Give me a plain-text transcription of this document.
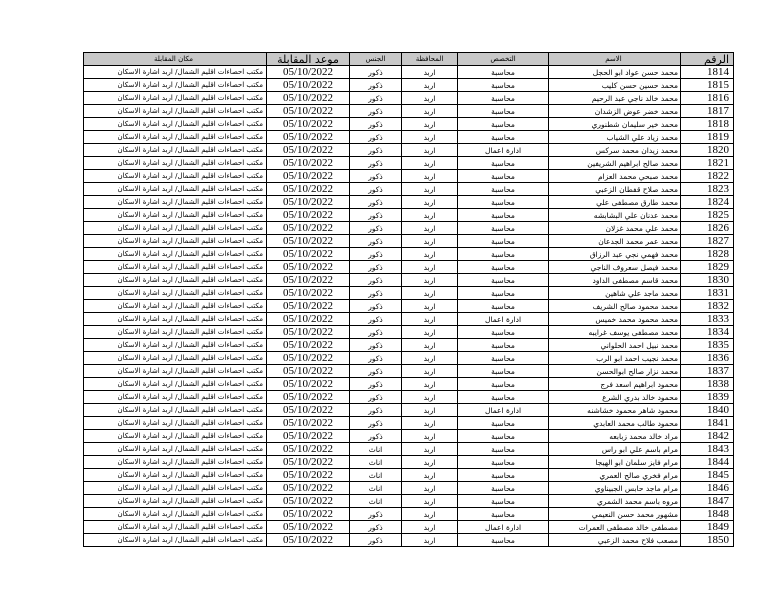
مكان المقابلة	موعد المقابلة	الجنس	المحافظة	التخصص	الاسم	الرقم
مكتب احصاءات اقليم الشمال/ اربد اشارة الاسكان	05/10/2022	ذكور	اربد	محاسبة	محمد حسن عواد ابو الحجل	1814
مكتب احصاءات اقليم الشمال/ اربد اشارة الاسكان	05/10/2022	ذكور	اربد	محاسبة	محمد حسين حسن كليب	1815
مكتب احصاءات اقليم الشمال/ اربد اشارة الاسكان	05/10/2022	ذكور	اربد	محاسبة	محمد خالد ناجي عبد الرحيم	1816
مكتب احصاءات اقليم الشمال/ اربد اشارة الاسكان	05/10/2022	ذكور	اربد	محاسبة	محمد خضر عوض الزشدان	1817
مكتب احصاءات اقليم الشمال/ اربد اشارة الاسكان	05/10/2022	ذكور	اربد	محاسبة	محمد خير سليمان شطنوري	1818
مكتب احصاءات اقليم الشمال/ اربد اشارة الاسكان	05/10/2022	ذكور	اربد	محاسبة	محمد زياد علي الشياب	1819
مكتب احصاءات اقليم الشمال/ اربد اشارة الاسكان	05/10/2022	ذكور	اربد	ادارة اعمال	محمد زيدان محمد سركس	1820
مكتب احصاءات اقليم الشمال/ اربد اشارة الاسكان	05/10/2022	ذكور	اربد	محاسبة	محمد صالح ابراهيم الشريفين	1821
مكتب احصاءات اقليم الشمال/ اربد اشارة الاسكان	05/10/2022	ذكور	اربد	محاسبة	محمد صبحي محمد العزام	1822
مكتب احصاءات اقليم الشمال/ اربد اشارة الاسكان	05/10/2022	ذكور	اربد	محاسبة	محمد صلاح قفطان الزعبي	1823
مكتب احصاءات اقليم الشمال/ اربد اشارة الاسكان	05/10/2022	ذكور	اربد	محاسبة	محمد طارق مصطفى علي	1824
مكتب احصاءات اقليم الشمال/ اربد اشارة الاسكان	05/10/2022	ذكور	اربد	محاسبة	محمد عدنان علي البشابشه	1825
مكتب احصاءات اقليم الشمال/ اربد اشارة الاسكان	05/10/2022	ذكور	اربد	محاسبة	محمد علي محمد غزلان	1826
مكتب احصاءات اقليم الشمال/ اربد اشارة الاسكان	05/10/2022	ذكور	اربد	محاسبة	محمد عمر محمد الجدعان	1827
مكتب احصاءات اقليم الشمال/ اربد اشارة الاسكان	05/10/2022	ذكور	اربد	محاسبة	محمد فهمي نجي عبد الرزاق	1828
مكتب احصاءات اقليم الشمال/ اربد اشارة الاسكان	05/10/2022	ذكور	اربد	محاسبة	محمد فيصل سعروف الناجي	1829
مكتب احصاءات اقليم الشمال/ اربد اشارة الاسكان	05/10/2022	ذكور	اربد	محاسبة	محمد قاسم مصطفى الداود	1830
مكتب احصاءات اقليم الشمال/ اربد اشارة الاسكان	05/10/2022	ذكور	اربد	محاسبة	محمد ماجد علي شاهين	1831
مكتب احصاءات اقليم الشمال/ اربد اشارة الاسكان	05/10/2022	ذكور	اربد	محاسبة	محمد محمود صالح الشريف	1832
مكتب احصاءات اقليم الشمال/ اربد اشارة الاسكان	05/10/2022	ذكور	اربد	ادارة اعمال	محمد محمود محمد خميس	1833
مكتب احصاءات اقليم الشمال/ اربد اشارة الاسكان	05/10/2022	ذكور	اربد	محاسبة	محمد مصطفى يوسف غرايبه	1834
مكتب احصاءات اقليم الشمال/ اربد اشارة الاسكان	05/10/2022	ذكور	اربد	محاسبة	محمد نبيل احمد الحلواني	1835
مكتب احصاءات اقليم الشمال/ اربد اشارة الاسكان	05/10/2022	ذكور	اربد	محاسبة	محمد نجيب احمد ابو الرب	1836
مكتب احصاءات اقليم الشمال/ اربد اشارة الاسكان	05/10/2022	ذكور	اربد	محاسبة	محمد نزار صالح ابوالحسن	1837
مكتب احصاءات اقليم الشمال/ اربد اشارة الاسكان	05/10/2022	ذكور	اربد	محاسبة	محمود ابراهيم اسعد فرج	1838
مكتب احصاءات اقليم الشمال/ اربد اشارة الاسكان	05/10/2022	ذكور	اربد	محاسبة	محمود خالد بدري الشرع	1839
مكتب احصاءات اقليم الشمال/ اربد اشارة الاسكان	05/10/2022	ذكور	اربد	ادارة اعمال	محمود شاهر محمود خشاشنه	1840
مكتب احصاءات اقليم الشمال/ اربد اشارة الاسكان	05/10/2022	ذكور	اربد	محاسبة	محمود طالب محمد العابدي	1841
مكتب احصاءات اقليم الشمال/ اربد اشارة الاسكان	05/10/2022	ذكور	اربد	محاسبة	مراد خالد محمد زبابعه	1842
مكتب احصاءات اقليم الشمال/ اربد اشارة الاسكان	05/10/2022	اناث	اربد	محاسبة	مرام باسم علي ابو راس	1843
مكتب احصاءات اقليم الشمال/ اربد اشارة الاسكان	05/10/2022	اناث	اربد	محاسبة	مرام فايز سلمان ابو الهيجا	1844
مكتب احصاءات اقليم الشمال/ اربد اشارة الاسكان	05/10/2022	اناث	اربد	محاسبة	مرام فخري صالح العمري	1845
مكتب احصاءات اقليم الشمال/ اربد اشارة الاسكان	05/10/2022	اناث	اربد	محاسبة	مرام ماجد حابس الجبيناوي	1846
مكتب احصاءات اقليم الشمال/ اربد اشارة الاسكان	05/10/2022	اناث	اربد	محاسبة	مروه باسم محمد الشمري	1847
مكتب احصاءات اقليم الشمال/ اربد اشارة الاسكان	05/10/2022	ذكور	اربد	محاسبة	مشهور محمد حسن النعيمي	1848
مكتب احصاءات اقليم الشمال/ اربد اشارة الاسكان	05/10/2022	ذكور	اربد	ادارة اعمال	مصطفى خالد مصطفى العمرات	1849
مكتب احصاءات اقليم الشمال/ اربد اشارة الاسكان	05/10/2022	ذكور	اربد	محاسبة	مصعب فلاح محمد الزعبي	1850
